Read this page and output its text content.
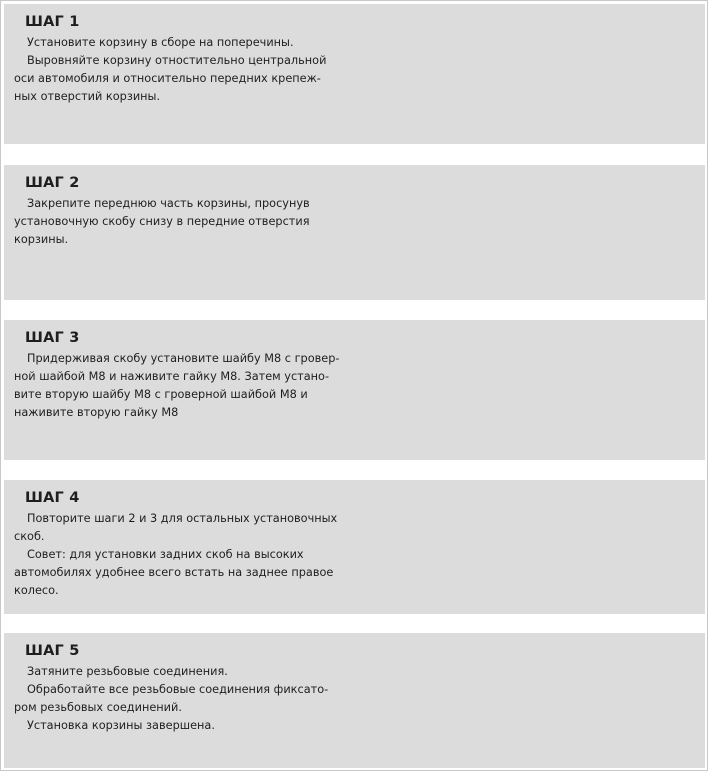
ШАГ 1
Установите корзину в сборе на поперечины.
Выровняйте корзину отностительно центральной
оси автомобиля и относительно передних крепеж-
ных отверстий корзины.
ШАГ 2
Закрепите переднюю часть корзины, просунув
установочную скобу снизу в передние отверстия
корзины.
ШАГ 3
Придерживая скобу установите шайбу М8 с гровер-
ной шайбой М8 и наживите гайку М8. Затем устано-
вите вторую шайбу М8 с гроверной шайбой М8 и
наживите вторую гайку М8
ШАГ 4
Повторите шаги 2 и 3 для остальных установочных
скоб.
Совет: для установки задних скоб на высоких
автомобилях удобнее всего встать на заднее правое
колесо.
ШАГ 5
Затяните резьбовые соединения.
Обработайте все резьбовые соединения фиксато-
ром резьбовых соединений.
Установка корзины завершена.
